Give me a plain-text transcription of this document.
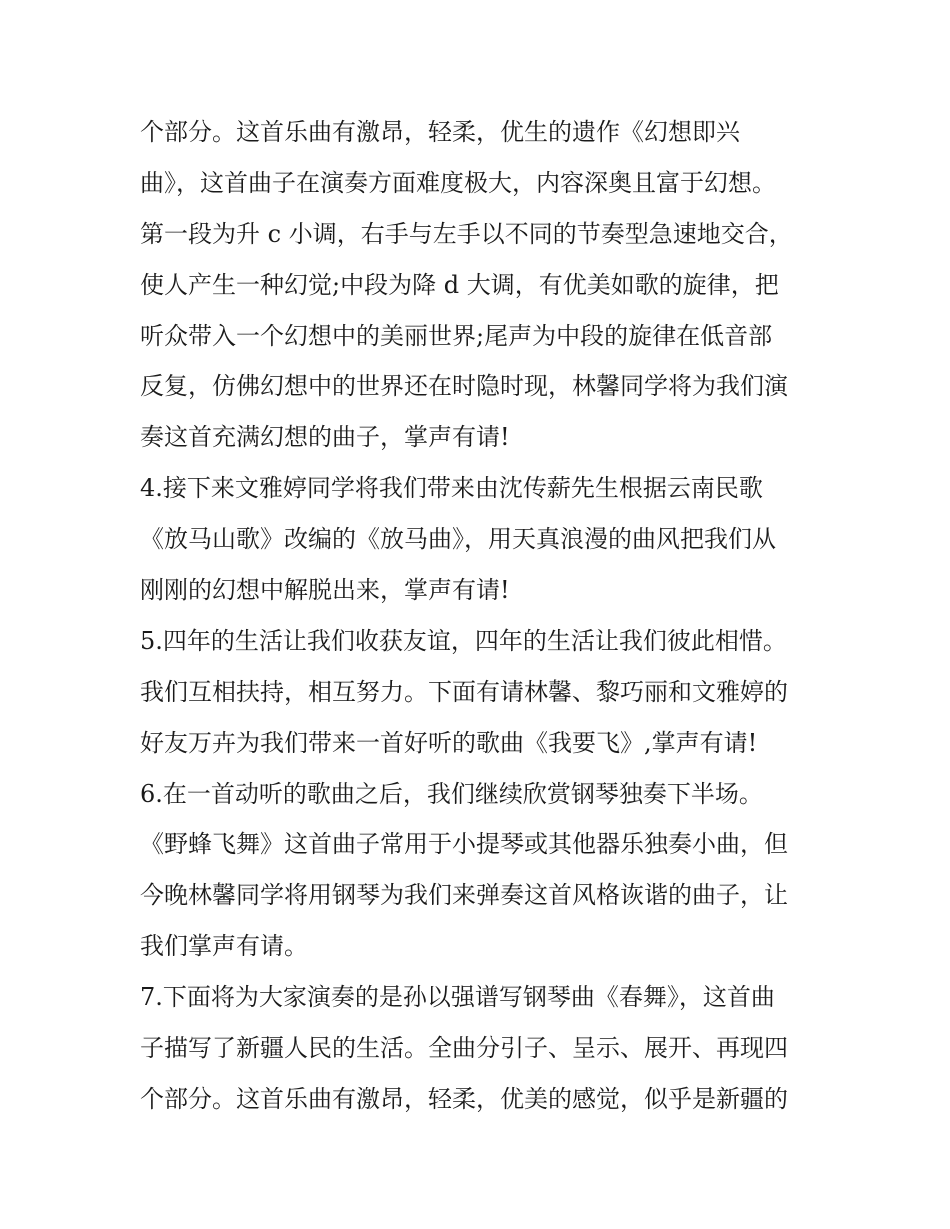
个部分。这首乐曲有激昂，轻柔，优生的遗作《幻想即兴
曲》，这首曲子在演奏方面难度极大，内容深奥且富于幻想。
第一段为升 c 小调，右手与左手以不同的节奏型急速地交合，
使人产生一种幻觉;中段为降 d 大调，有优美如歌的旋律，把
听众带入一个幻想中的美丽世界;尾声为中段的旋律在低音部
反复，仿佛幻想中的世界还在时隐时现，林馨同学将为我们演
奏这首充满幻想的曲子，掌声有请!
4.接下来文雅婷同学将我们带来由沈传薪先生根据云南民歌
《放马山歌》改编的《放马曲》，用天真浪漫的曲风把我们从
刚刚的幻想中解脱出来，掌声有请!
5.四年的生活让我们收获友谊，四年的生活让我们彼此相惜。
我们互相扶持，相互努力。下面有请林馨、黎巧丽和文雅婷的
好友万卉为我们带来一首好听的歌曲《我要飞》,掌声有请!
6.在一首动听的歌曲之后，我们继续欣赏钢琴独奏下半场。
《野蜂飞舞》这首曲子常用于小提琴或其他器乐独奏小曲，但
今晚林馨同学将用钢琴为我们来弹奏这首风格诙谐的曲子，让
我们掌声有请。
7.下面将为大家演奏的是孙以强谱写钢琴曲《春舞》，这首曲
子描写了新疆人民的生活。全曲分引子、呈示、展开、再现四
个部分。这首乐曲有激昂，轻柔，优美的感觉，似乎是新疆的
